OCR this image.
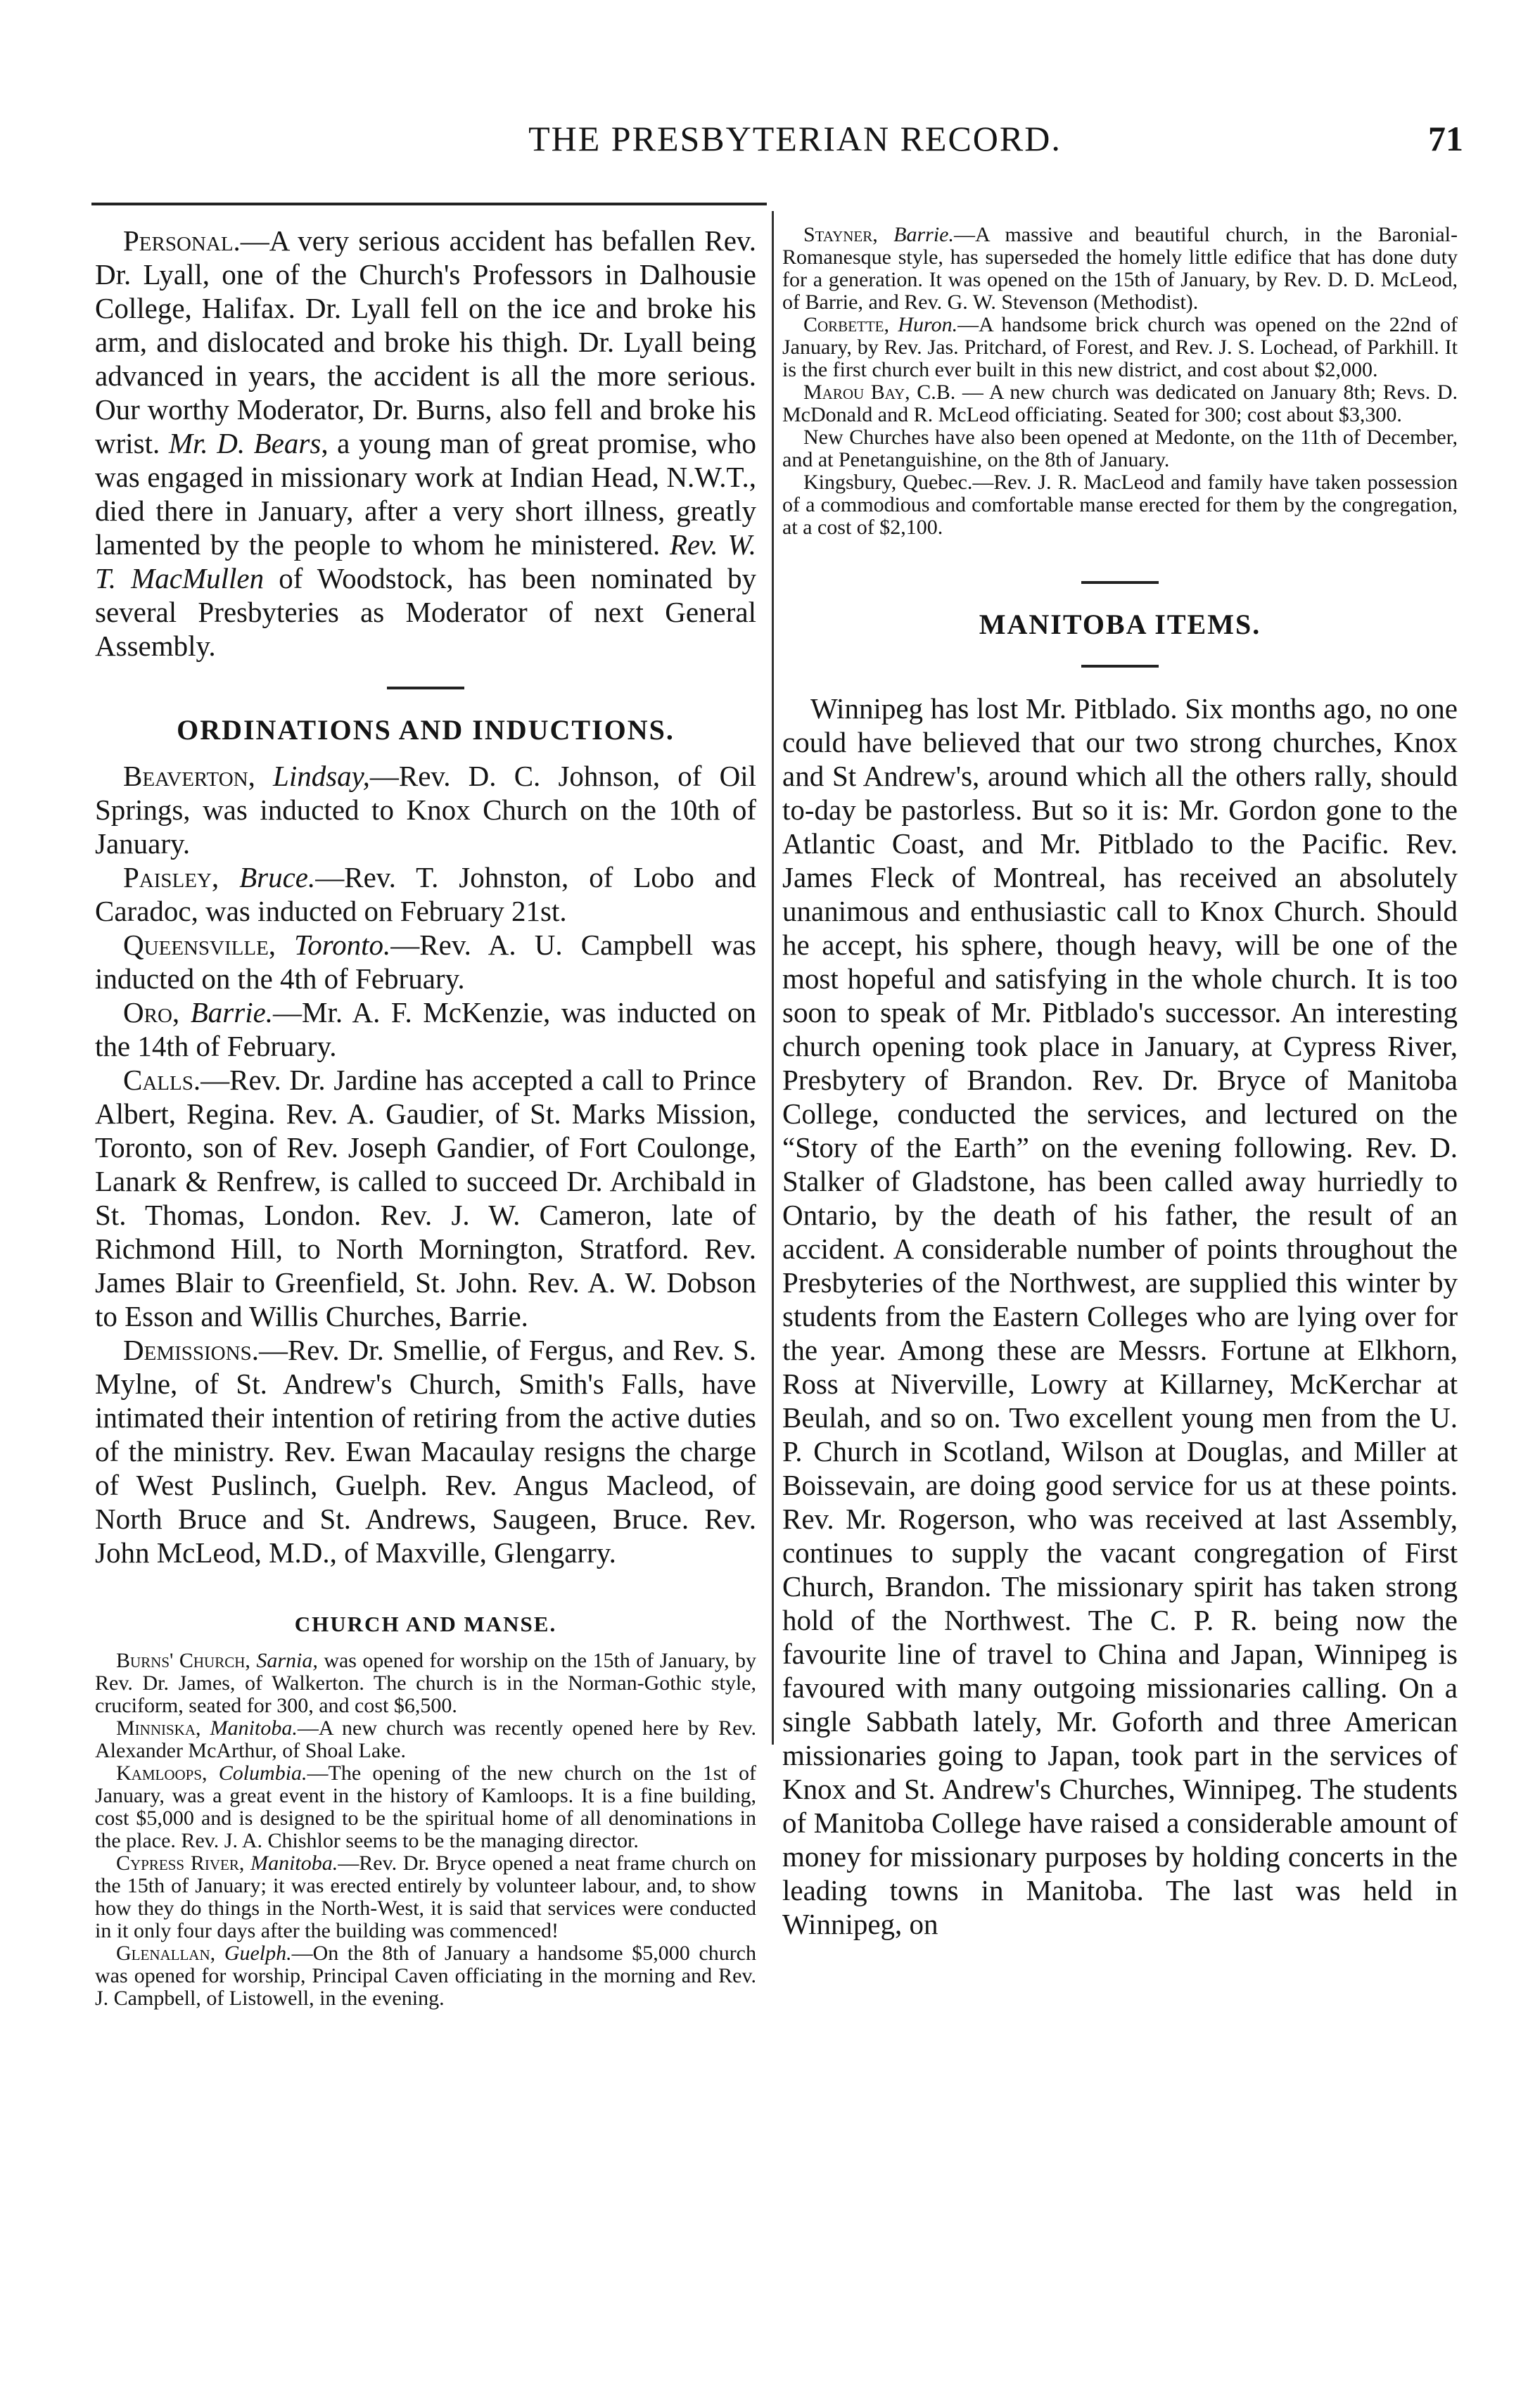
THE PRESBYTERIAN RECORD.	71

Personal.—A very serious accident has befallen Rev. Dr. Lyall, one of the Church's Professors in Dalhousie College, Halifax. Dr. Lyall fell on the ice and broke his arm, and dislocated and broke his thigh. Dr. Lyall being advanced in years, the accident is all the more serious. Our worthy Moderator, Dr. Burns, also fell and broke his wrist. Mr. D. Bears, a young man of great promise, who was engaged in missionary work at Indian Head, N.W.T., died there in January, after a very short illness, greatly lamented by the people to whom he ministered. Rev. W. T. MacMullen of Woodstock, has been nominated by several Presbyteries as Moderator of next General Assembly.

ORDINATIONS AND INDUCTIONS.

Beaverton, Lindsay,—Rev. D. C. Johnson, of Oil Springs, was inducted to Knox Church on the 10th of January.

Paisley, Bruce.—Rev. T. Johnston, of Lobo and Caradoc, was inducted on February 21st.

Queensville, Toronto.—Rev. A. U. Campbell was inducted on the 4th of February.

Oro, Barrie.—Mr. A. F. McKenzie, was inducted on the 14th of February.

Calls.—Rev. Dr. Jardine has accepted a call to Prince Albert, Regina. Rev. A. Gaudier, of St. Marks Mission, Toronto, son of Rev. Joseph Gandier, of Fort Coulonge, Lanark & Renfrew, is called to succeed Dr. Archibald in St. Thomas, London. Rev. J. W. Cameron, late of Richmond Hill, to North Mornington, Stratford. Rev. James Blair to Greenfield, St. John. Rev. A. W. Dobson to Esson and Willis Churches, Barrie.

Demissions.—Rev. Dr. Smellie, of Fergus, and Rev. S. Mylne, of St. Andrew's Church, Smith's Falls, have intimated their intention of retiring from the active duties of the ministry. Rev. Ewan Macaulay resigns the charge of West Puslinch, Guelph. Rev. Angus Macleod, of North Bruce and St. Andrews, Saugeen, Bruce. Rev. John McLeod, M.D., of Maxville, Glengarry.

CHURCH AND MANSE.

Burns' Church, Sarnia, was opened for worship on the 15th of January, by Rev. Dr. James, of Walkerton. The church is in the Norman-Gothic style, cruciform, seated for 300, and cost $6,500.

Minniska, Manitoba.—A new church was recently opened here by Rev. Alexander McArthur, of Shoal Lake.

Kamloops, Columbia.—The opening of the new church on the 1st of January, was a great event in the history of Kamloops. It is a fine building, cost $5,000 and is designed to be the spiritual home of all denominations in the place. Rev. J. A. Chishlor seems to be the managing director.

Cypress River, Manitoba.—Rev. Dr. Bryce opened a neat frame church on the 15th of January; it was erected entirely by volunteer labour, and, to show how they do things in the North-West, it is said that services were conducted in it only four days after the building was commenced!

Glenallan, Guelph.—On the 8th of January a handsome $5,000 church was opened for worship, Principal Caven officiating in the morning and Rev. J. Campbell, of Listowell, in the evening.

Stayner, Barrie.—A massive and beautiful church, in the Baronial-Romanesque style, has superseded the homely little edifice that has done duty for a generation. It was opened on the 15th of January, by Rev. D. D. McLeod, of Barrie, and Rev. G. W. Stevenson (Methodist).

Corbette, Huron.—A handsome brick church was opened on the 22nd of January, by Rev. Jas. Pritchard, of Forest, and Rev. J. S. Lochead, of Parkhill. It is the first church ever built in this new district, and cost about $2,000.

Marou Bay, C.B. — A new church was dedicated on January 8th; Revs. D. McDonald and R. McLeod officiating. Seated for 300; cost about $3,300.

New Churches have also been opened at Medonte, on the 11th of December, and at Penetanguishine, on the 8th of January.

Kingsbury, Quebec.—Rev. J. R. MacLeod and family have taken possession of a commodious and comfortable manse erected for them by the congregation, at a cost of $2,100.

MANITOBA ITEMS.

Winnipeg has lost Mr. Pitblado. Six months ago, no one could have believed that our two strong churches, Knox and St Andrew's, around which all the others rally, should to-day be pastorless. But so it is: Mr. Gordon gone to the Atlantic Coast, and Mr. Pitblado to the Pacific. Rev. James Fleck of Montreal, has received an absolutely unanimous and enthusiastic call to Knox Church. Should he accept, his sphere, though heavy, will be one of the most hopeful and satisfying in the whole church. It is too soon to speak of Mr. Pitblado's successor. An interesting church opening took place in January, at Cypress River, Presbytery of Brandon. Rev. Dr. Bryce of Manitoba College, conducted the services, and lectured on the “Story of the Earth” on the evening following. Rev. D. Stalker of Gladstone, has been called away hurriedly to Ontario, by the death of his father, the result of an accident. A considerable number of points throughout the Presbyteries of the Northwest, are supplied this winter by students from the Eastern Colleges who are lying over for the year. Among these are Messrs. Fortune at Elkhorn, Ross at Niverville, Lowry at Killarney, McKerchar at Beulah, and so on. Two excellent young men from the U. P. Church in Scotland, Wilson at Douglas, and Miller at Boissevain, are doing good service for us at these points. Rev. Mr. Rogerson, who was received at last Assembly, continues to supply the vacant congregation of First Church, Brandon. The missionary spirit has taken strong hold of the Northwest. The C. P. R. being now the favourite line of travel to China and Japan, Winnipeg is favoured with many outgoing missionaries calling. On a single Sabbath lately, Mr. Goforth and three American missionaries going to Japan, took part in the services of Knox and St. Andrew's Churches, Winnipeg. The students of Manitoba College have raised a considerable amount of money for missionary purposes by holding concerts in the leading towns in Manitoba. The last was held in Winnipeg, on
